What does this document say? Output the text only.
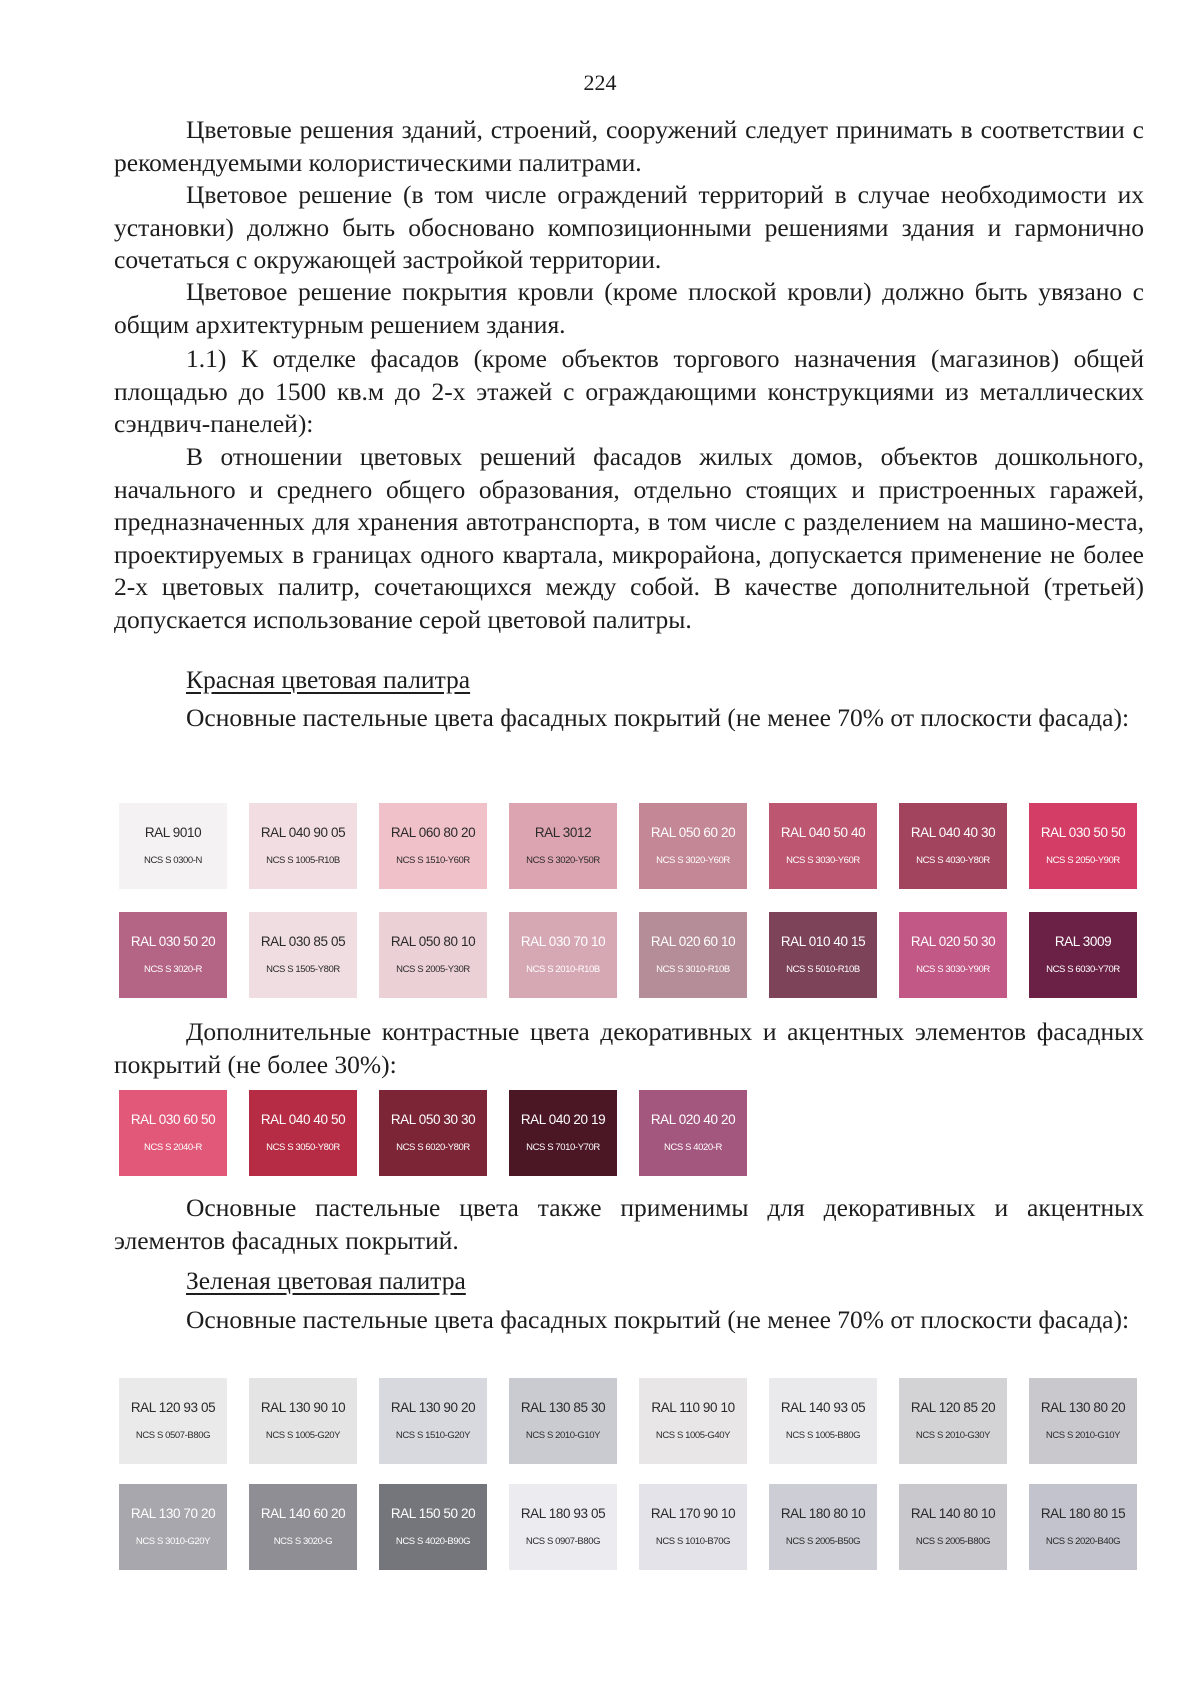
224

Цветовые решения зданий, строений, сооружений следует принимать в соответствии с рекомендуемыми колористическими палитрами.

Цветовое решение (в том числе ограждений территорий в случае необходимости их установки) должно быть обосновано композиционными решениями здания и гармонично сочетаться с окружающей застройкой территории.

Цветовое решение покрытия кровли (кроме плоской кровли) должно быть увязано с общим архитектурным решением здания.

1.1) К отделке фасадов (кроме объектов торгового назначения (магазинов) общей площадью до 1500 кв.м до 2-х этажей с ограждающими конструкциями из металлических сэндвич-панелей):

В отношении цветовых решений фасадов жилых домов, объектов дошкольного, начального и среднего общего образования, отдельно стоящих и пристроенных гаражей, предназначенных для хранения автотранспорта, в том числе с разделением на машино-места, проектируемых в границах одного квартала, микрорайона, допускается применение не более 2-х цветовых палитр, сочетающихся между собой. В качестве дополнительной (третьей) допускается использование серой цветовой палитры.

Красная цветовая палитра

Основные пастельные цвета фасадных покрытий (не менее 70% от плоскости фасада):

RAL 9010
NCS S 0300-N
RAL 040 90 05
NCS S 1005-R10B
RAL 060 80 20
NCS S 1510-Y60R
RAL 3012
NCS S 3020-Y50R
RAL 050 60 20
NCS S 3020-Y60R
RAL 040 50 40
NCS S 3030-Y60R
RAL 040 40 30
NCS S 4030-Y80R
RAL 030 50 50
NCS S 2050-Y90R
RAL 030 50 20
NCS S 3020-R
RAL 030 85 05
NCS S 1505-Y80R
RAL 050 80 10
NCS S 2005-Y30R
RAL 030 70 10
NCS S 2010-R10B
RAL 020 60 10
NCS S 3010-R10B
RAL 010 40 15
NCS S 5010-R10B
RAL 020 50 30
NCS S 3030-Y90R
RAL 3009
NCS S 6030-Y70R

Дополнительные контрастные цвета декоративных и акцентных элементов фасадных покрытий (не более 30%):

RAL 030 60 50
NCS S 2040-R
RAL 040 40 50
NCS S 3050-Y80R
RAL 050 30 30
NCS S 6020-Y80R
RAL 040 20 19
NCS S 7010-Y70R
RAL 020 40 20
NCS S 4020-R

Основные пастельные цвета также применимы для декоративных и акцентных элементов фасадных покрытий.

Зеленая цветовая палитра

Основные пастельные цвета фасадных покрытий (не менее 70% от плоскости фасада):

RAL 120 93 05
NCS S 0507-B80G
RAL 130 90 10
NCS S 1005-G20Y
RAL 130 90 20
NCS S 1510-G20Y
RAL 130 85 30
NCS S 2010-G10Y
RAL 110 90 10
NCS S 1005-G40Y
RAL 140 93 05
NCS S 1005-B80G
RAL 120 85 20
NCS S 2010-G30Y
RAL 130 80 20
NCS S 2010-G10Y
RAL 130 70 20
NCS S 3010-G20Y
RAL 140 60 20
NCS S 3020-G
RAL 150 50 20
NCS S 4020-B90G
RAL 180 93 05
NCS S 0907-B80G
RAL 170 90 10
NCS S 1010-B70G
RAL 180 80 10
NCS S 2005-B50G
RAL 140 80 10
NCS S 2005-B80G
RAL 180 80 15
NCS S 2020-B40G
